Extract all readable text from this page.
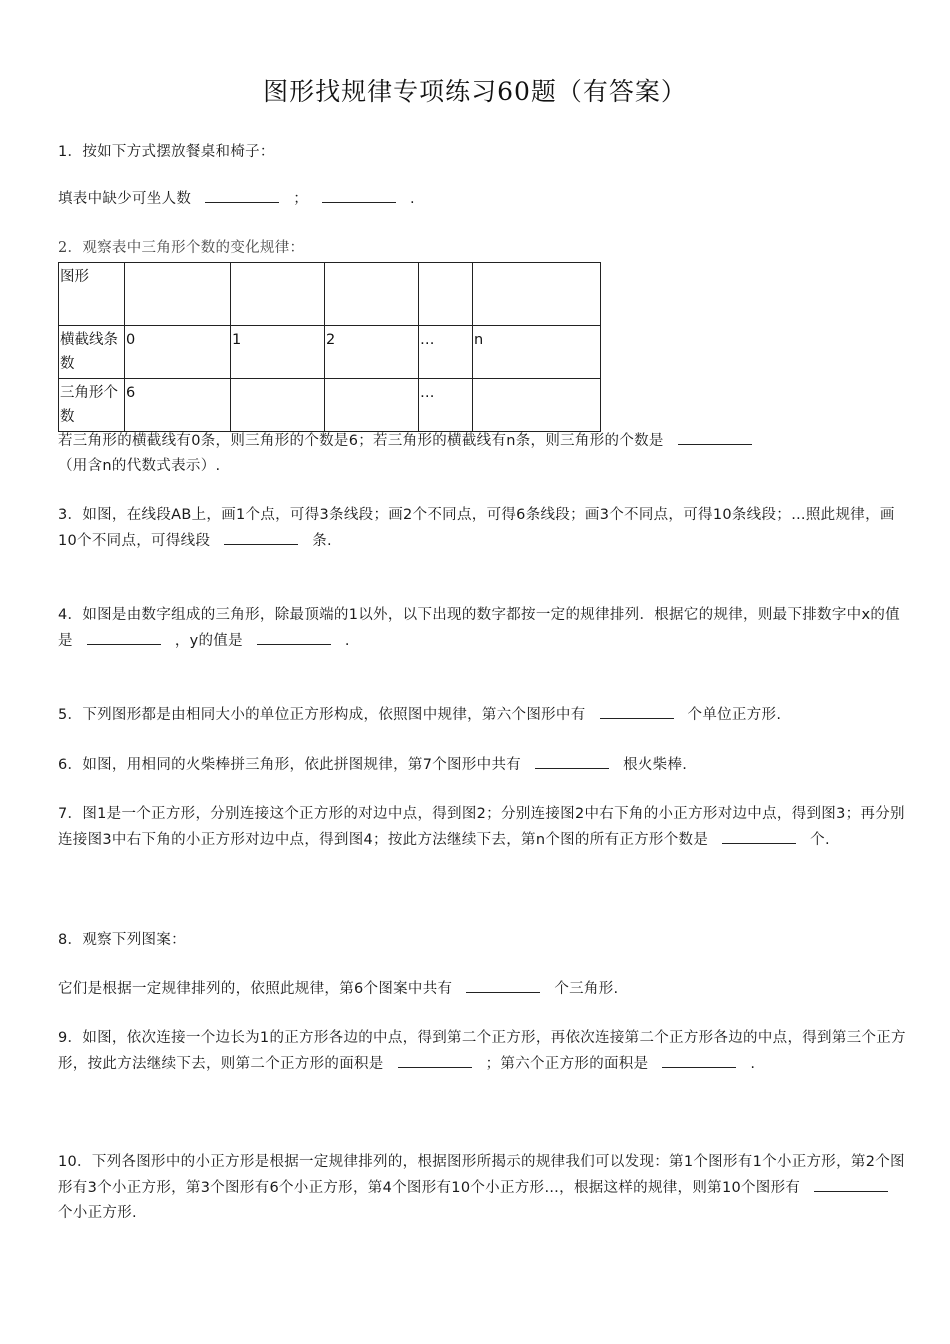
图形找规律专项练习60题（有答案）
1．按如下方式摆放餐桌和椅子：
填表中缺少可坐人数	；	.
2．观察表中三角形个数的变化规律：
图形					
横截线条 数	0	1	2	…	n
三角形个 数	6			…	
若三角形的横截线有0条，则三角形的个数是6；若三角形的横截线有n条，则三角形的个数是
（用含n的代数式表示）.
3．如图，在线段AB上，画1个点，可得3条线段；画2个不同点，可得6条线段；画3个不同点，可得10条线段；…照此规律，画10个不同点，可得线段	条.
4．如图是由数字组成的三角形，除最顶端的1以外，以下出现的数字都按一定的规律排列．根据它的规律，则最下排数字中x的值是	，y的值是	.
5．下列图形都是由相同大小的单位正方形构成，依照图中规律，第六个图形中有	个单位正方形.
6．如图，用相同的火柴棒拼三角形，依此拼图规律，第7个图形中共有	根火柴棒.
7．图1是一个正方形，分别连接这个正方形的对边中点，得到图2；分别连接图2中右下角的小正方形对边中点，得到图3；再分别连接图3中右下角的小正方形对边中点，得到图4；按此方法继续下去，第n个图的所有正方形个数是	个.
8．观察下列图案：
它们是根据一定规律排列的，依照此规律，第6个图案中共有	个三角形.
9．如图，依次连接一个边长为1的正方形各边的中点，得到第二个正方形，再依次连接第二个正方形各边的中点，得到第三个正方形，按此方法继续下去，则第二个正方形的面积是	；第六个正方形的面积是	.
10．下列各图形中的小正方形是根据一定规律排列的，根据图形所揭示的规律我们可以发现：第1个图形有1个小正方形，第2个图形有3个小正方形，第3个图形有6个小正方形，第4个图形有10个小正方形…，根据这样的规律，则第10个图形有个小正方形.
